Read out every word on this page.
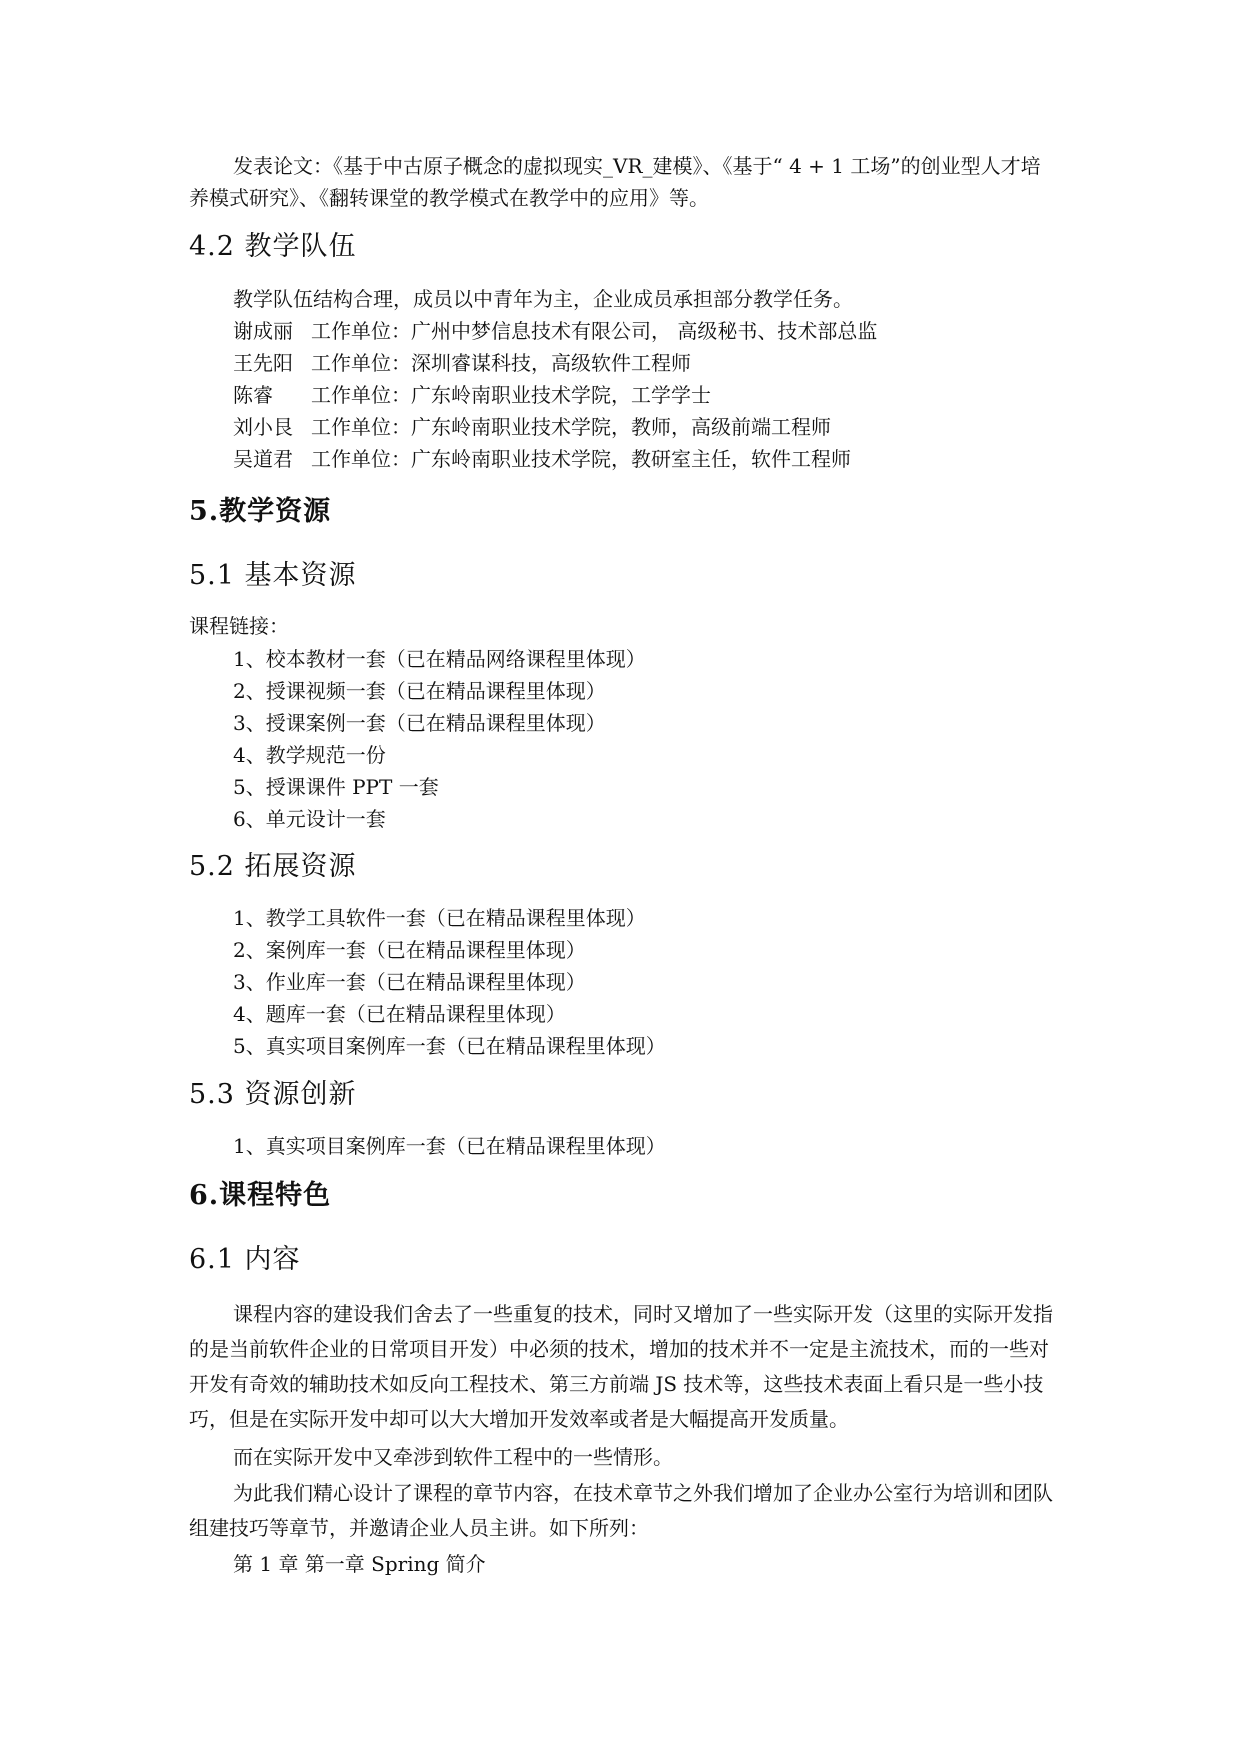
发表论文：《基于中古原子概念的虚拟现实_VR_建模》、《基于“ 4 + 1 工场”的创业型人才培养模式研究》、《翻转课堂的教学模式在教学中的应用》等。

4.2 教学队伍
教学队伍结构合理，成员以中青年为主，企业成员承担部分教学任务。
谢成丽 工作单位：广州中梦信息技术有限公司， 高级秘书、技术部总监
王先阳 工作单位：深圳睿谋科技，高级软件工程师
陈睿 工作单位：广东岭南职业技术学院，工学学士
刘小艮 工作单位：广东岭南职业技术学院，教师，高级前端工程师
吴道君 工作单位：广东岭南职业技术学院，教研室主任，软件工程师
5.教学资源
5.1 基本资源
课程链接：
1、校本教材一套（已在精品网络课程里体现）
2、授课视频一套（已在精品课程里体现）
3、授课案例一套（已在精品课程里体现）
4、教学规范一份
5、授课课件 PPT 一套
6、单元设计一套
5.2 拓展资源
1、教学工具软件一套（已在精品课程里体现）
2、案例库一套（已在精品课程里体现）
3、作业库一套（已在精品课程里体现）
4、题库一套（已在精品课程里体现）
5、真实项目案例库一套（已在精品课程里体现）
5.3 资源创新
1、真实项目案例库一套（已在精品课程里体现）
6.课程特色
6.1 内容

课程内容的建设我们舍去了一些重复的技术，同时又增加了一些实际开发（这里的实际开发指的是当前软件企业的日常项目开发）中必须的技术，增加的技术并不一定是主流技术，而的一些对开发有奇效的辅助技术如反向工程技术、第三方前端 JS 技术等，这些技术表面上看只是一些小技巧，但是在实际开发中却可以大大增加开发效率或者是大幅提高开发质量。

而在实际开发中又牵涉到软件工程中的一些情形。

为此我们精心设计了课程的章节内容，在技术章节之外我们增加了企业办公室行为培训和团队组建技巧等章节，并邀请企业人员主讲。如下所列：

第 1 章 第一章 Spring 简介
